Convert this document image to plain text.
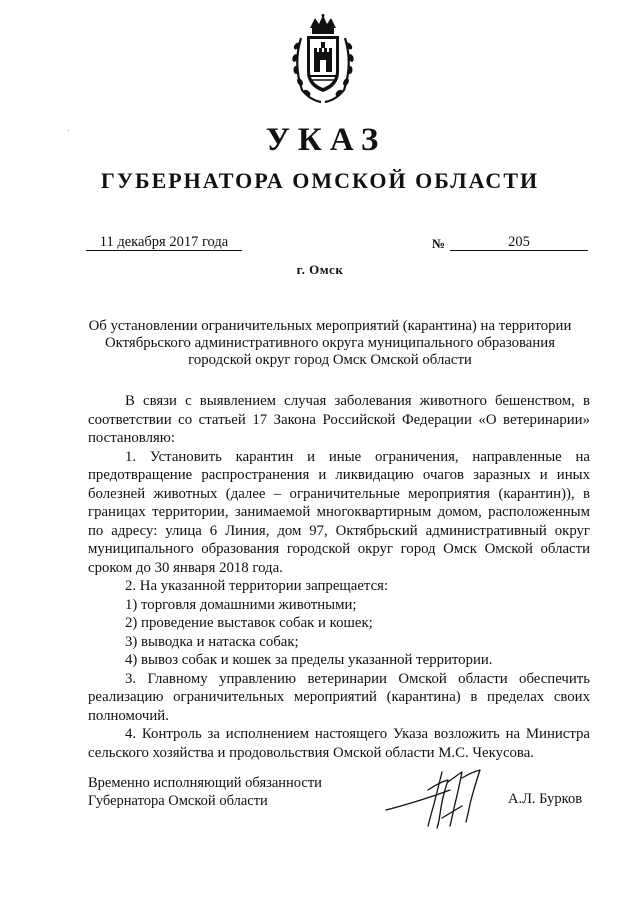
УКАЗ
ГУБЕРНАТОРА ОМСКОЙ ОБЛАСТИ
11 декабря 2017 года	№	205
г. Омск
Об установлении ограничительных мероприятий (карантина) на территории
Октябрьского административного округа муниципального образования
городской округ город Омск Омской области

В связи с выявлением случая заболевания животного бешенством, в соответствии со статьей 17 Закона Российской Федерации «О ветеринарии» постановляю:

1. Установить карантин и иные ограничения, направленные на предотвращение распространения и ликвидацию очагов заразных и иных болезней животных (далее – ограничительные мероприятия (карантин)), в границах территории, занимаемой многоквартирным домом, расположенным по адресу: улица 6 Линия, дом 97, Октябрьский административный округ муниципального образования городской округ город Омск Омской области сроком до 30 января 2018 года.

2. На указанной территории запрещается:

1) торговля домашними животными;

2) проведение выставок собак и кошек;

3) выводка и натаска собак;

4) вывоз собак и кошек за пределы указанной территории.

3. Главному управлению ветеринарии Омской области обеспечить реализацию ограничительных мероприятий (карантина) в пределах своих полномочий.

4. Контроль за исполнением настоящего Указа возложить на Министра сельского хозяйства и продовольствия Омской области М.С. Чекусова.

Временно исполняющий обязанности
Губернатора Омской области	А.Л. Бурков
